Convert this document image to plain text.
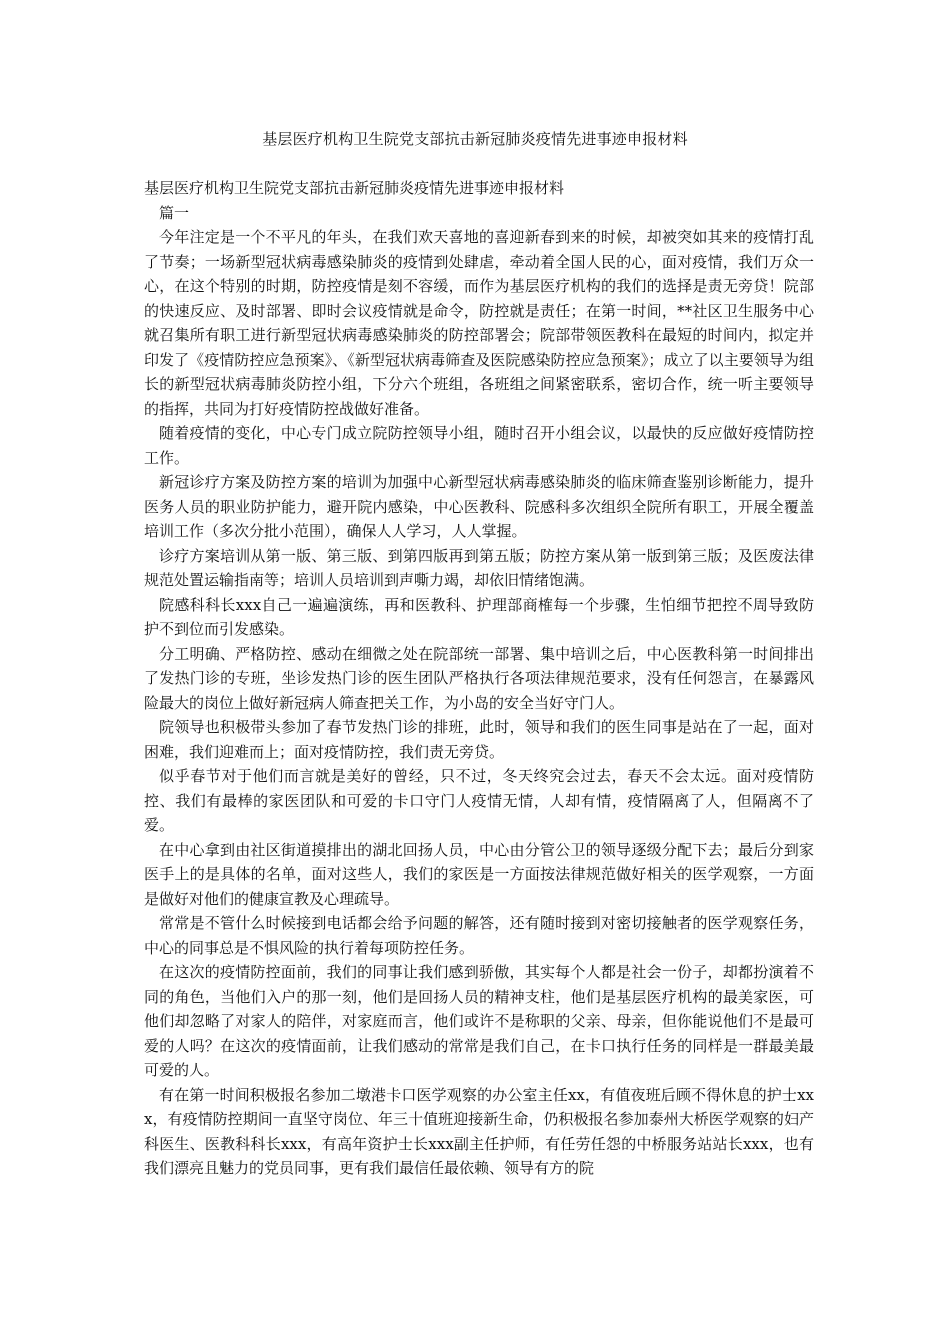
基层医疗机构卫生院党支部抗击新冠肺炎疫情先进事迹申报材料

基层医疗机构卫生院党支部抗击新冠肺炎疫情先进事迹申报材料

篇一

今年注定是一个不平凡的年头，在我们欢天喜地的喜迎新春到来的时候，却被突如其来的疫情打乱了节奏；一场新型冠状病毒感染肺炎的疫情到处肆虐，牵动着全国人民的心，面对疫情，我们万众一心，在这个特别的时期，防控疫情是刻不容缓，而作为基层医疗机构的我们的选择是责无旁贷！院部的快速反应、及时部署、即时会议疫情就是命令，防控就是责任；在第一时间，**社区卫生服务中心就召集所有职工进行新型冠状病毒感染肺炎的防控部署会；院部带领医教科在最短的时间内，拟定并印发了《疫情防控应急预案》、《新型冠状病毒筛查及医院感染防控应急预案》；成立了以主要领导为组长的新型冠状病毒肺炎防控小组，下分六个班组，各班组之间紧密联系，密切合作，统一听主要领导的指挥，共同为打好疫情防控战做好准备。

随着疫情的变化，中心专门成立院防控领导小组，随时召开小组会议，以最快的反应做好疫情防控工作。

新冠诊疗方案及防控方案的培训为加强中心新型冠状病毒感染肺炎的临床筛查鉴别诊断能力，提升医务人员的职业防护能力，避开院内感染，中心医教科、院感科多次组织全院所有职工，开展全覆盖培训工作（多次分批小范围），确保人人学习，人人掌握。

诊疗方案培训从第一版、第三版、到第四版再到第五版；防控方案从第一版到第三版；及医废法律规范处置运输指南等；培训人员培训到声嘶力竭，却依旧情绪饱满。

院感科科长xxx自己一遍遍演练，再和医教科、护理部商榷每一个步骤，生怕细节把控不周导致防护不到位而引发感染。

分工明确、严格防控、感动在细微之处在院部统一部署、集中培训之后，中心医教科第一时间排出了发热门诊的专班，坐诊发热门诊的医生团队严格执行各项法律规范要求，没有任何怨言，在暴露风险最大的岗位上做好新冠病人筛查把关工作，为小岛的安全当好守门人。

院领导也积极带头参加了春节发热门诊的排班，此时，领导和我们的医生同事是站在了一起，面对困难，我们迎难而上；面对疫情防控，我们责无旁贷。

似乎春节对于他们而言就是美好的曾经，只不过，冬天终究会过去，春天不会太远。面对疫情防控、我们有最棒的家医团队和可爱的卡口守门人疫情无情，人却有情，疫情隔离了人，但隔离不了爱。

在中心拿到由社区街道摸排出的湖北回扬人员，中心由分管公卫的领导逐级分配下去；最后分到家医手上的是具体的名单，面对这些人，我们的家医是一方面按法律规范做好相关的医学观察，一方面是做好对他们的健康宣教及心理疏导。

常常是不管什么时候接到电话都会给予问题的解答，还有随时接到对密切接触者的医学观察任务，中心的同事总是不惧风险的执行着每项防控任务。

在这次的疫情防控面前，我们的同事让我们感到骄傲，其实每个人都是社会一份子，却都扮演着不同的角色，当他们入户的那一刻，他们是回扬人员的精神支柱，他们是基层医疗机构的最美家医，可他们却忽略了对家人的陪伴，对家庭而言，他们或许不是称职的父亲、母亲，但你能说他们不是最可爱的人吗？在这次的疫情面前，让我们感动的常常是我们自己，在卡口执行任务的同样是一群最美最可爱的人。

有在第一时间积极报名参加二墩港卡口医学观察的办公室主任xx，有值夜班后顾不得休息的护士xxx，有疫情防控期间一直坚守岗位、年三十值班迎接新生命，仍积极报名参加泰州大桥医学观察的妇产科医生、医教科科长xxx，有高年资护士长xxx副主任护师，有任劳任怨的中桥服务站站长xxx，也有我们漂亮且魅力的党员同事，更有我们最信任最依赖、领导有方的院
